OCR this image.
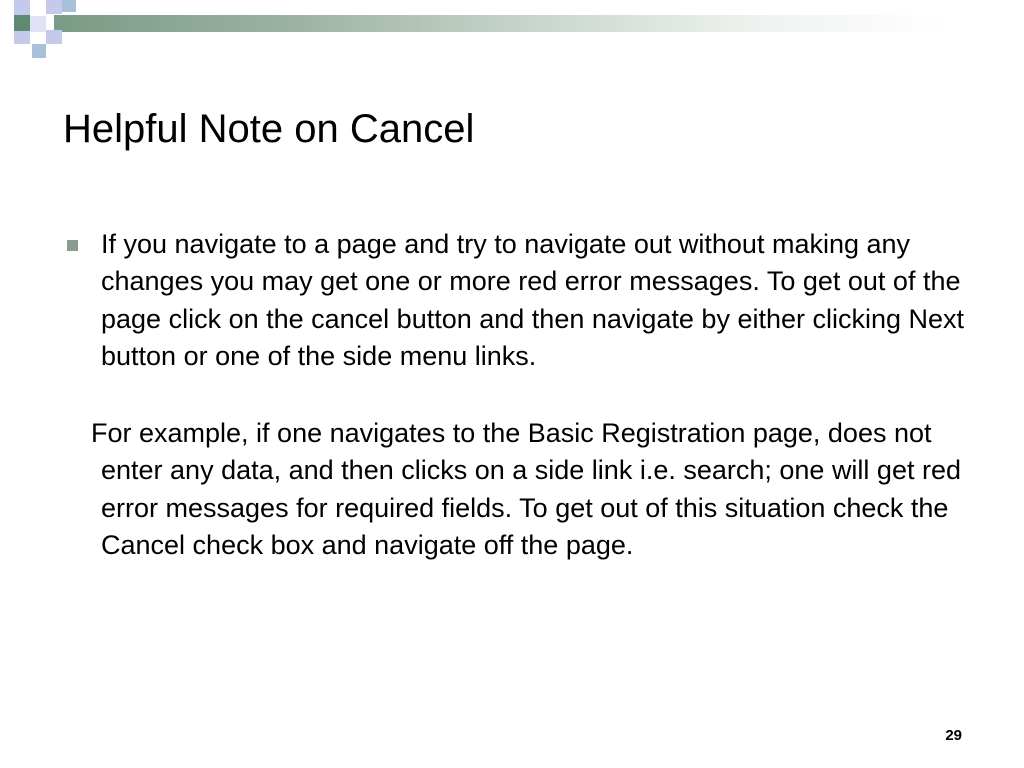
Helpful Note on Cancel

If you navigate to a page and try to navigate out without making any changes you may get one or more red error messages. To get out of the page click on the cancel button and then navigate by either clicking Next button or one of the side menu links.

For example, if one navigates to the Basic Registration page, does not enter any data, and then clicks on a side link i.e. search; one will get red error messages for required fields. To get out of this situation check the Cancel check box and navigate off the page.

29
